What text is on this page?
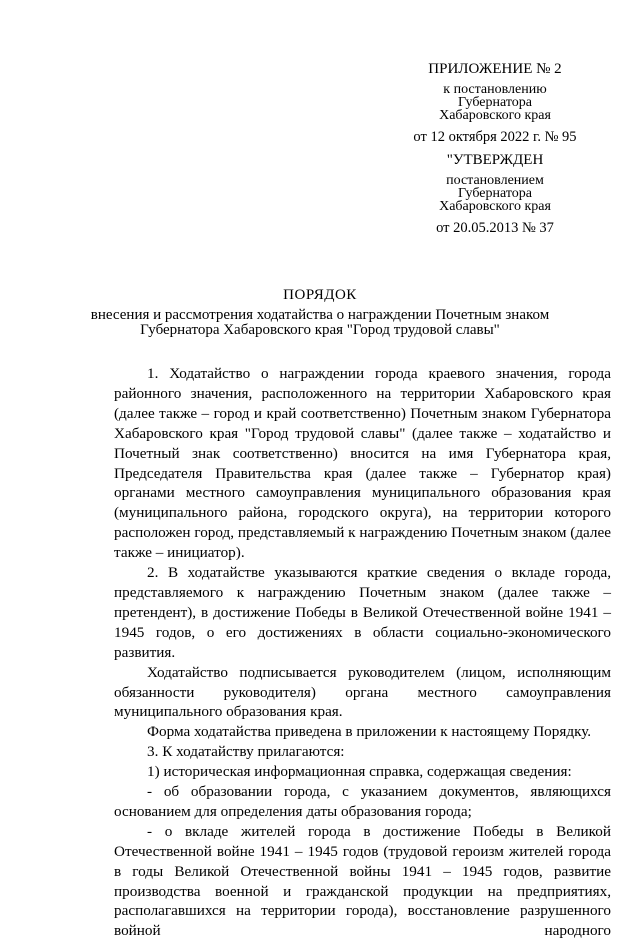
ПРИЛОЖЕНИЕ № 2
к постановлению
Губернатора
Хабаровского края
от 12 октября 2022 г. № 95
"УТВЕРЖДЕН
постановлением
Губернатора
Хабаровского края
от 20.05.2013 № 37
ПОРЯДОК
внесения и рассмотрения ходатайства о награждении Почетным знаком
Губернатора Хабаровского края "Город трудовой славы"

1. Ходатайство о награждении города краевого значения, города районного значения, расположенного на территории Хабаровского края (далее также – город и край соответственно) Почетным знаком Губернатора Хабаровского края "Город трудовой славы" (далее также – ходатайство и Почетный знак соответственно) вносится на имя Губернатора края, Председателя Правительства края (далее также – Губернатор края) органами местного самоуправления муниципального образования края (муниципального района, городского округа), на территории которого расположен город, представляемый к награждению Почетным знаком (далее также – инициатор).

2. В ходатайстве указываются краткие сведения о вкладе города, представляемого к награждению Почетным знаком (далее также – претендент), в достижение Победы в Великой Отечественной войне 1941 – 1945 годов, о его достижениях в области социально-экономического развития.

Ходатайство подписывается руководителем (лицом, исполняющим обязанности руководителя) органа местного самоуправления муниципального образования края.

Форма ходатайства приведена в приложении к настоящему Порядку.

3. К ходатайству прилагаются:

1) историческая информационная справка, содержащая сведения:

- об образовании города, с указанием документов, являющихся основанием для определения даты образования города;

- о вкладе жителей города в достижение Победы в Великой Отечественной войне 1941 – 1945 годов (трудовой героизм жителей города в годы Великой Отечественной войны 1941 – 1945 годов, развитие производства военной и гражданской продукции на предприятиях, располагавшихся на территории города), восстановление разрушенного войной народного
